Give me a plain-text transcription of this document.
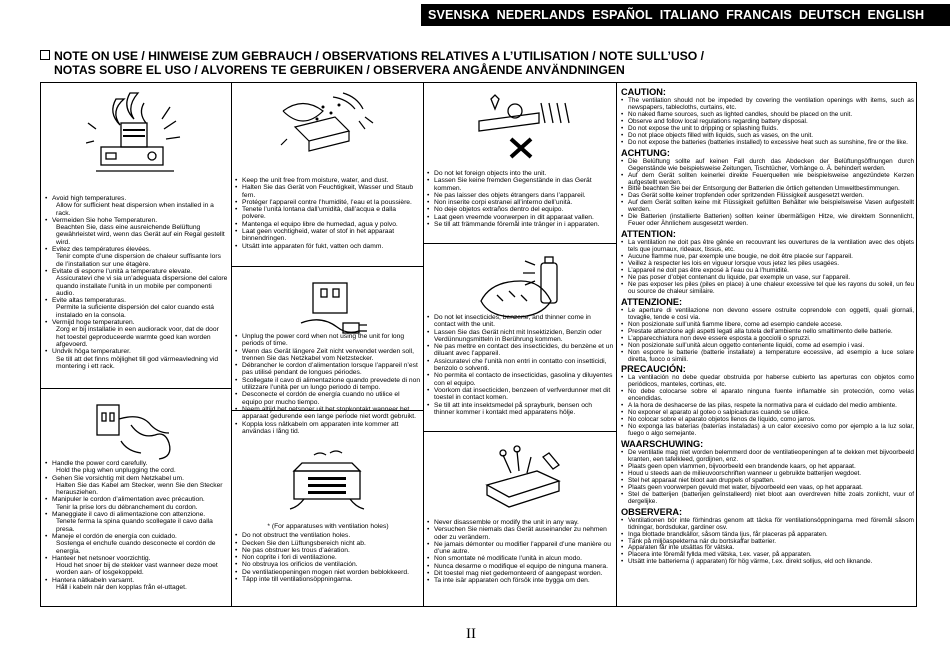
SVENSKA NEDERLANDS ESPAÑOL ITALIANO FRANCAIS DEUTSCH ENGLISH
NOTE ON USE / HINWEISE ZUM GEBRAUCH / OBSERVATIONS RELATIVES A L’UTILISATION / NOTE SULL’USO /
NOTAS SOBRE EL USO / ALVORENS TE GEBRUIKEN / OBSERVERA ANGÅENDE ANVÄNDNINGEN
• Avoid high temperatures.
Allow for sufficient heat dispersion when installed in a rack.
• Vermeiden Sie hohe Temperaturen.
Beachten Sie, dass eine ausreichende Belüftung gewährleistet wird, wenn das Gerät auf ein Regal gestellt wird.
• Evitez des températures élevées.
Tenir compte d’une dispersion de chaleur suffisante lors de l’installation sur une étagère.
• Evitate di esporre l’unità a temperature elevate.
Assicuratevi che vi sia un’adeguata dispersione del calore quando installate l’unità in un mobile per componenti audio.
• Evite altas temperaturas.
Permite la suficiente dispersión del calor cuando está instalado en la consola.
• Vermijd hoge temperaturen.
Zorg er bij installatie in een audiorack voor, dat de door het toestel geproduceerde warmte goed kan worden afgevoerd.
• Undvik höga temperaturer.
Se till att det finns möjlighet till god värmeavledning vid montering i ett rack.
• Keep the unit free from moisture, water, and dust.
• Halten Sie das Gerät von Feuchtigkeit, Wasser und Staub fern.
• Protéger l’appareil contre l’humidité, l’eau et la poussière.
• Tenete l’unità lontana dall’umidità, dall’acqua e dalla polvere.
• Mantenga el equipo libre de humedad, agua y polvo.
• Laat geen vochtigheid, water of stof in het apparaat binnendringen.
• Utsätt inte apparaten för fukt, vatten och damm.
• Do not let foreign objects into the unit.
• Lassen Sie keine fremden Gegenstände in das Gerät kommen.
• Ne pas laisser des objets étrangers dans l’appareil.
• Non inserite corpi estranei all’interno dell’unità.
• No deje objetos extraños dentro del equipo.
• Laat geen vreemde voorwerpen in dit apparaat vallen.
• Se till att främmande föremål inte tränger in i apparaten.
• Handle the power cord carefully.
Hold the plug when unplugging the cord.
• Gehen Sie vorsichtig mit dem Netzkabel um.
Halten Sie das Kabel am Stecker, wenn Sie den Stecker herausziehen.
• Manipuler le cordon d’alimentation avec précaution.
Tenir la prise lors du débranchement du cordon.
• Maneggiate il cavo di alimentazione con attenzione.
Tenete ferma la spina quando scollegate il cavo dalla presa.
• Maneje el cordón de energía con cuidado.
Sostenga el enchufe cuando desconecte el cordón de energía.
• Hanteer het netsnoer voorzichtig.
Houd het snoer bij de stekker vast wanneer deze moet worden aan- of losgekoppeld.
• Hantera nätkabeln varsamt.
Håll i kabeln när den kopplas från el-uttaget.
• Unplug the power cord when not using the unit for long periods of time.
• Wenn das Gerät längere Zeit nicht verwendet werden soll, trennen Sie das Netzkabel vom Netzstecker.
• Débrancher le cordon d’alimentation lorsque l’appareil n’est pas utilisé pendant de longues périodes.
• Scollegate il cavo di alimentazione quando prevedete di non utilizzare l’unità per un lungo periodo di tempo.
• Desconecte el cordón de energía cuando no utilice el equipo por mucho tiempo.
• Neem altijd het netsnoer uit het stopkontakt wanneer het apparaat gedurende een lange periode niet wordt gebruikt.
• Koppla loss nätkabeln om apparaten inte kommer att användas i lång tid.
• Do not let insecticides, benzene, and thinner come in contact with the unit.
• Lassen Sie das Gerät nicht mit Insektiziden, Benzin oder Verdünnungsmitteln in Berührung kommen.
• Ne pas mettre en contact des insecticides, du benzène et un diluant avec l’appareil.
• Assicuratevi che l’unità non entri in contatto con insetticidi, benzolo o solventi.
• No permita el contacto de insecticidas, gasolina y diluyentes con el equipo.
• Voorkom dat insecticiden, benzeen of verfverdunner met dit toestel in contact komen.
• Se till att inte insektsmedel på sprayburk, bensen och thinner kommer i kontakt med apparatens hölje.
* (For apparatuses with ventilation holes)
• Do not obstruct the ventilation holes.
• Decken Sie den Lüftungsbereich nicht ab.
• Ne pas obstruer les trous d’aération.
• Non coprite i fori di ventilazione.
• No obstruya los orificios de ventilación.
• De ventilatieopeningen mogen niet worden beblokkeerd.
• Täpp inte till ventilationsöppningarna.
• Never disassemble or modify the unit in any way.
• Versuchen Sie niemals das Gerät auseinander zu nehmen oder zu verändern.
• Ne jamais démonter ou modifier l’appareil d’une manière ou d’une autre.
• Non smontate né modificate l’unità in alcun modo.
• Nunca desarme o modifique el equipo de ninguna manera.
• Dit toestel mag niet gedemonteerd of aangepast worden.
• Ta inte isär apparaten och försök inte bygga om den.
CAUTION:
• The ventilation should not be impeded by covering the ventilation openings with items, such as newspapers, tablecloths, curtains, etc.
• No naked flame sources, such as lighted candles, should be placed on the unit.
• Observe and follow local regulations regarding battery disposal.
• Do not expose the unit to dripping or splashing fluids.
• Do not place objects filled with liquids, such as vases, on the unit.
• Do not expose the batteries (batteries installed) to excessive heat such as sunshine, fire or the like.
ACHTUNG:
• Die Belüftung sollte auf keinen Fall durch das Abdecken der Belüftungsöffnungen durch Gegenstände wie beispielsweise Zeitungen, Tischtücher, Vorhänge o. Ä. behindert werden.
• Auf dem Gerät sollten keinerlei direkte Feuerquellen wie beispielsweise angezündete Kerzen aufgestellt werden.
• Bitte beachten Sie bei der Entsorgung der Batterien die örtlich geltenden Umweltbestimmungen.
• Das Gerät sollte keiner tropfenden oder spritzenden Flüssigkeit ausgesetzt werden.
• Auf dem Gerät sollten keine mit Flüssigkeit gefüllten Behälter wie beispielsweise Vasen aufgestellt werden.
• Die Batterien (installierte Batterien) sollten keiner übermäßigen Hitze, wie direktem Sonnenlicht, Feuer oder Ähnlichem ausgesetzt werden.
ATTENTION:
• La ventilation ne doit pas être gênée en recouvrant les ouvertures de la ventilation avec des objets tels que journaux, rideaux, tissus, etc.
• Aucune flamme nue, par exemple une bougie, ne doit être placée sur l’appareil.
• Veillez à respecter les lois en vigueur lorsque vous jetez les piles usagées.
• L’appareil ne doit pas être exposé à l’eau ou à l’humidité.
• Ne pas poser d’objet contenant du liquide, par exemple un vase, sur l’appareil.
• Ne pas exposer les piles (piles en place) à une chaleur excessive tel que les rayons du soleil, un feu ou source de chaleur similaire.
ATTENZIONE:
• Le aperture di ventilazione non devono essere ostruite coprendole con oggetti, quali giornali, tovaglie, tende e così via.
• Non posizionate sull’unità fiamme libere, come ad esempio candele accese.
• Prestate attenzione agli aspetti legati alla tutela dell’ambiente nello smaltimento delle batterie.
• L’apparecchiatura non deve essere esposta a gocciolii o spruzzi.
• Non posizionate sull’unità alcun oggetto contenente liquidi, come ad esempio i vasi.
• Non esporre le batterie (batterie installate) a temperature eccessive, ad esempio a luce solare diretta, fuoco o simili.
PRECAUCIÓN:
• La ventilación no debe quedar obstruida por haberse cubierto las aperturas con objetos como periódicos, manteles, cortinas, etc.
• No debe colocarse sobre el aparato ninguna fuente inflamable sin protección, como velas encendidas.
• A la hora de deshacerse de las pilas, respete la normativa para el cuidado del medio ambiente.
• No exponer el aparato al goteo o salpicaduras cuando se utilice.
• No colocar sobre el aparato objetos llenos de líquido, como jarros.
• No exponga las baterías (baterías instaladas) a un calor excesivo como por ejemplo a la luz solar, fuego o algo semejante.
WAARSCHUWING:
• De ventilatie mag niet worden belemmerd door de ventilatieopeningen af te dekken met bijvoorbeeld kranten, een tafelkleed, gordijnen, enz.
• Plaats geen open vlammen, bijvoorbeeld een brandende kaars, op het apparaat.
• Houd u steeds aan de milieuvoorschriften wanneer u gebruikte batterijen wegdoet.
• Stel het apparaat niet bloot aan druppels of spatten.
• Plaats geen voorwerpen gevuld met water, bijvoorbeeld een vaas, op het apparaat.
• Stel de batterijen (batterijen geïnstalleerd) niet bloot aan overdreven hitte zoals zonlicht, vuur of dergelijke.
OBSERVERA:
• Ventilationen bör inte förhindras genom att täcka för ventilationsöppningarna med föremål såsom tidningar, bordsdukar, gardiner osv.
• Inga blottade brandkällor, såsom tända ljus, får placeras på apparaten.
• Tänk på miljöaspekterna när du bortskaffar batterier.
• Apparaten får inte utsättas för vätska.
• Placera inte föremål fyllda med vätska, t.ex. vaser, på apparaten.
• Utsätt inte batterierna (i apparaten) för hög värme, t.ex. direkt solljus, eld och liknande.
II
